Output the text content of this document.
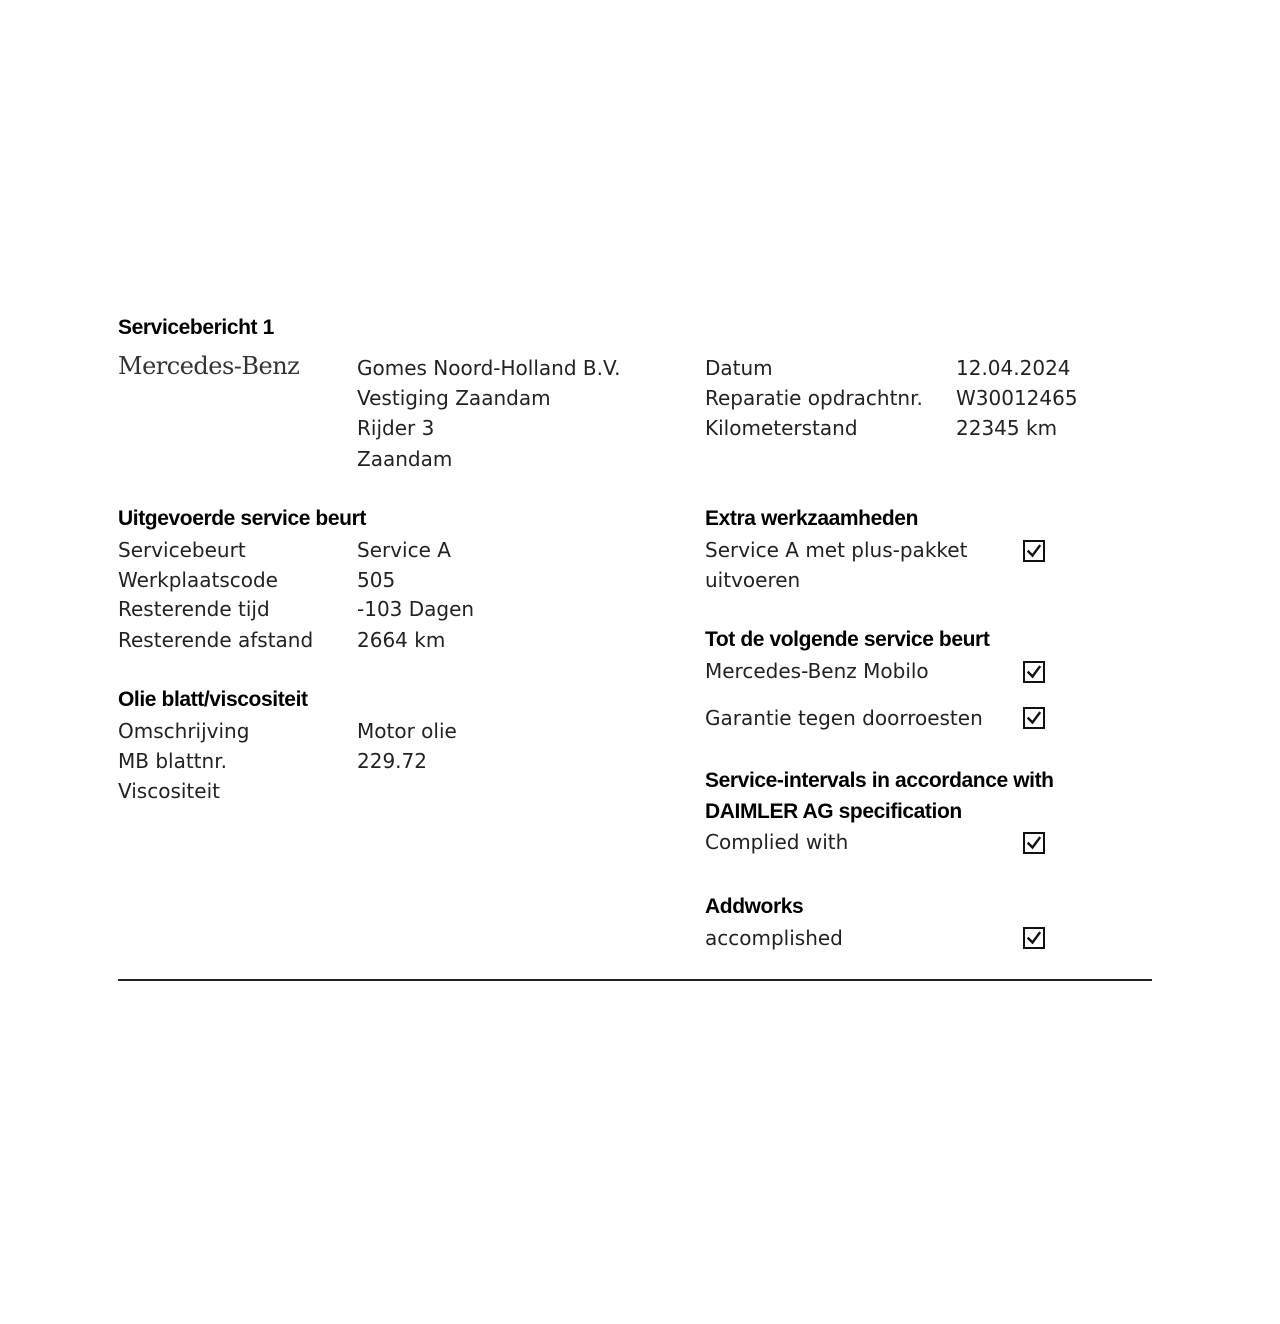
Servicebericht 1
Mercedes-Benz	Gomes Noord-Holland B.V.
Vestiging Zaandam
Rijder 3
Zaandam
Datum	12.04.2024
Reparatie opdrachtnr. W30012465
Kilometerstand	22345 km
Uitgevoerde service beurt
Servicebeurt	Service A
Werkplaatscode	505
Resterende tijd	-103 Dagen
Resterende afstand 2664 km
Olie blatt/viscositeit
Omschrijving	Motor olie
MB blattnr.	229.72
Viscositeit
Extra werkzaamheden
Service A met plus-pakket
uitvoeren
Tot de volgende service beurt
Mercedes-Benz Mobilo
Garantie tegen doorroesten
Service-intervals in accordance with
DAIMLER AG specification
Complied with
Addworks
accomplished
